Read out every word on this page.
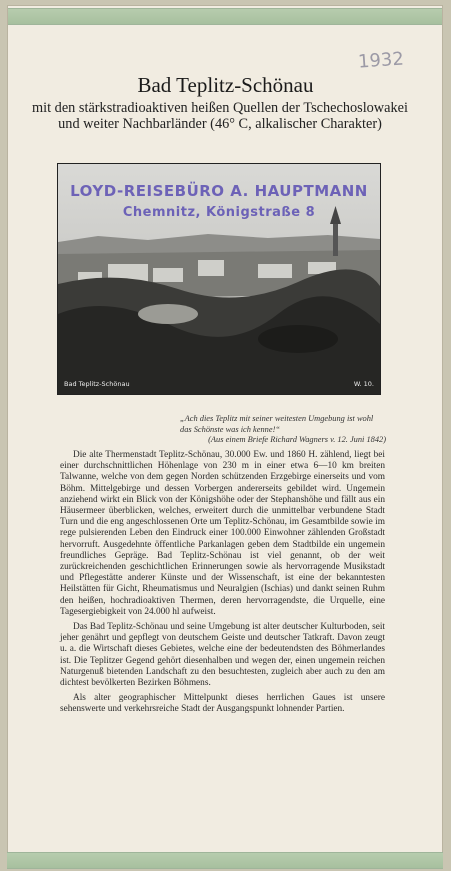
1932
Bad Teplitz-Schönau
mit den stärkstradioaktiven heißen Quellen der Tschechoslowakei und weiter Nachbarländer (46° C, alkalischer Charakter)
LOYD-REISEBÜRO A. HAUPTMANN
Chemnitz, Königstraße 8
Bad Teplitz-Schönau	W. 10.
„Ach dies Teplitz mit seiner weitesten Umgebung ist wohl das Schönste was ich kenne!“
(Aus einem Briefe Richard Wagners v. 12. Juni 1842)

Die alte Thermenstadt Teplitz-Schönau, 30.000 Ew. und 1860 H. zählend, liegt bei einer durchschnittlichen Höhenlage von 230 m in einer etwa 6—10 km breiten Talwanne, welche von dem gegen Norden schützenden Erzgebirge einerseits und vom Böhm. Mittelgebirge und dessen Vorbergen andererseits gebildet wird. Ungemein anziehend wirkt ein Blick von der Königshöhe oder der Stephanshöhe und fällt aus ein Häusermeer überblicken, welches, erweitert durch die unmittelbar verbundene Stadt Turn und die eng angeschlossenen Orte um Teplitz-Schönau, im Gesamtbilde sowie im rege pulsierenden Leben den Eindruck einer 100.000 Einwohner zählenden Großstadt hervorruft. Ausgedehnte öffentliche Parkanlagen geben dem Stadtbilde ein ungemein freundliches Gepräge. Bad Teplitz-Schönau ist viel genannt, ob der weit zurückreichenden geschichtlichen Erinnerungen sowie als hervorragende Musikstadt und Pflegestätte anderer Künste und der Wissenschaft, ist eine der bekanntesten Heilstätten für Gicht, Rheumatismus und Neuralgien (Ischias) und dankt seinen Ruhm den heißen, hochradioaktiven Thermen, deren hervorragendste, die Urquelle, eine Tagesergiebigkeit von 24.000 hl aufweist.

Das Bad Teplitz-Schönau und seine Umgebung ist alter deutscher Kulturboden, seit jeher genährt und gepflegt von deutschem Geiste und deutscher Tatkraft. Davon zeugt u. a. die Wirtschaft dieses Gebietes, welche eine der bedeutendsten des Böhmerlandes ist. Die Teplitzer Gegend gehört diesenhalben und wegen der, einen ungemein reichen Naturgenuß bietenden Landschaft zu den besuchtesten, zugleich aber auch zu den am dichtest bevölkerten Bezirken Böhmens.

Als alter geographischer Mittelpunkt dieses herrlichen Gaues ist unsere sehenswerte und verkehrsreiche Stadt der Ausgangspunkt lohnender Partien.
